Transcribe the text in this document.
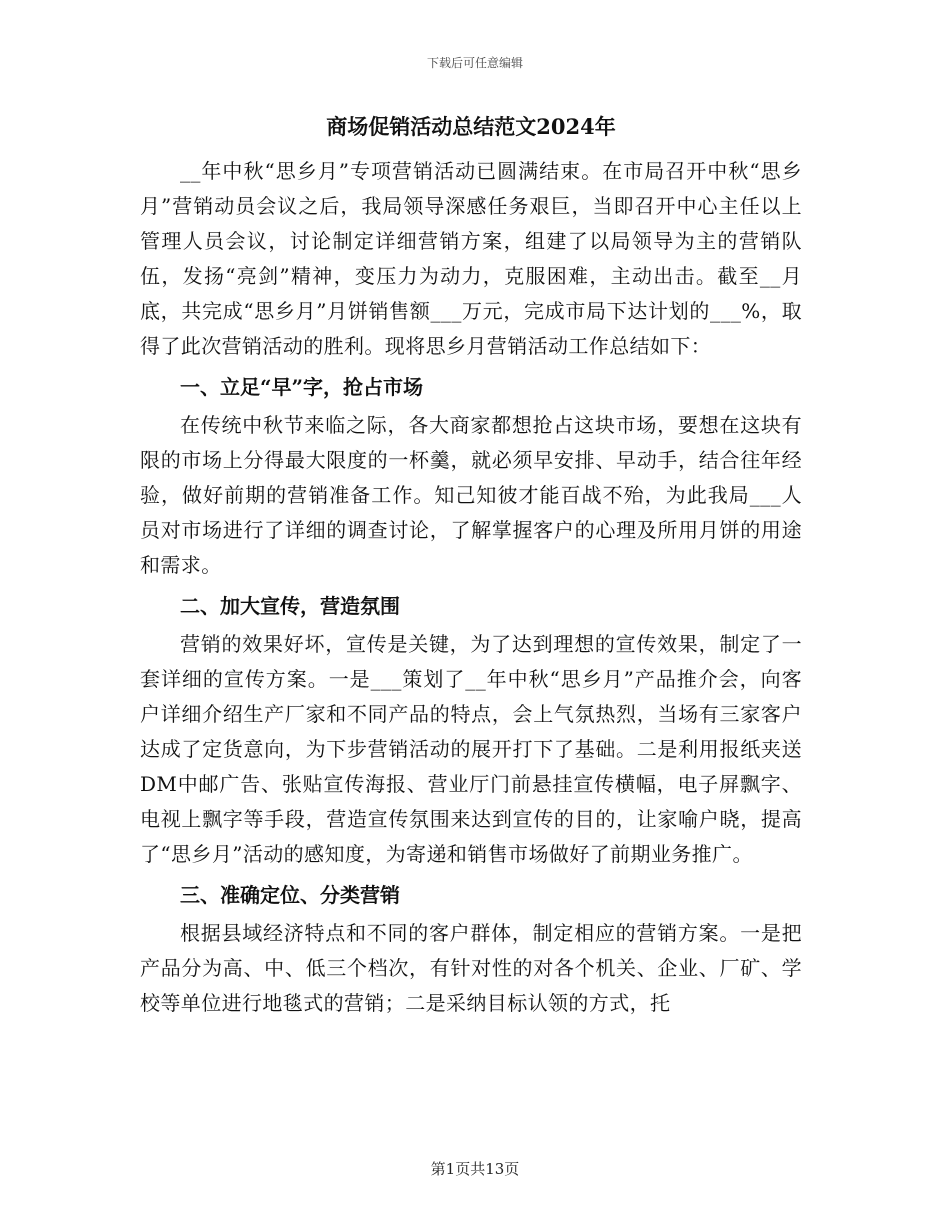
下载后可任意编辑
商场促销活动总结范文2024年

__年中秋“思乡月”专项营销活动已圆满结束。在市局召开中秋“思乡月”营销动员会议之后，我局领导深感任务艰巨，当即召开中心主任以上管理人员会议，讨论制定详细营销方案，组建了以局领导为主的营销队伍，发扬“亮剑”精神，变压力为动力，克服困难，主动出击。截至__月底，共完成“思乡月”月饼销售额___万元，完成市局下达计划的___%，取得了此次营销活动的胜利。现将思乡月营销活动工作总结如下：

一、立足“早”字，抢占市场

在传统中秋节来临之际，各大商家都想抢占这块市场，要想在这块有限的市场上分得最大限度的一杯羹，就必须早安排、早动手，结合往年经验，做好前期的营销准备工作。知己知彼才能百战不殆，为此我局___人员对市场进行了详细的调查讨论，了解掌握客户的心理及所用月饼的用途和需求。

二、加大宣传，营造氛围

营销的效果好坏，宣传是关键，为了达到理想的宣传效果，制定了一套详细的宣传方案。一是___策划了__年中秋“思乡月”产品推介会，向客户详细介绍生产厂家和不同产品的特点，会上气氛热烈，当场有三家客户达成了定货意向，为下步营销活动的展开打下了基础。二是利用报纸夹送DM中邮广告、张贴宣传海报、营业厅门前悬挂宣传横幅，电子屏飘字、电视上飘字等手段，营造宣传氛围来达到宣传的目的，让家喻户晓，提高了“思乡月”活动的感知度，为寄递和销售市场做好了前期业务推广。

三、准确定位、分类营销

根据县域经济特点和不同的客户群体，制定相应的营销方案。一是把产品分为高、中、低三个档次，有针对性的对各个机关、企业、厂矿、学校等单位进行地毯式的营销；二是采纳目标认领的方式，托

第1页共13页
